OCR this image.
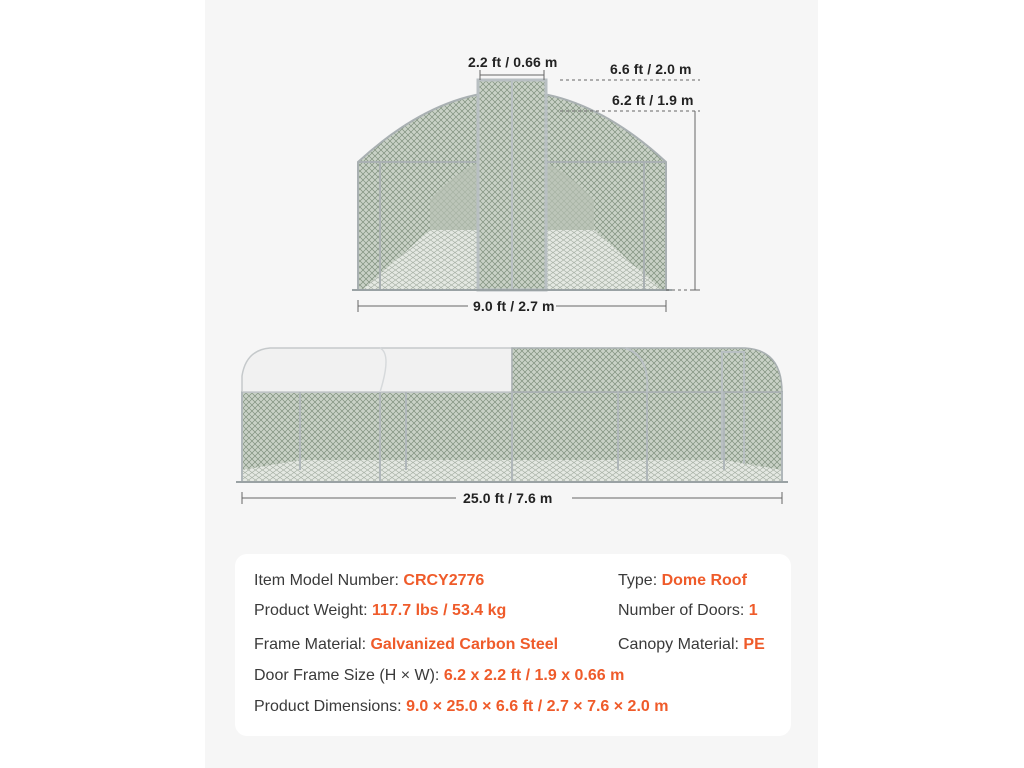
2.2 ft / 0.66 m	6.6 ft / 2.0 m
6.2 ft / 1.9 m
9.0 ft / 2.7 m
25.0 ft / 7.6 m
Item Model Number: CRCY2776	Type: Dome Roof
Product Weight: 117.7 lbs / 53.4 kg	Number of Doors: 1
Frame Material: Galvanized Carbon Steel	Canopy Material: PE
Door Frame Size (H × W): 6.2 x 2.2 ft / 1.9 x 0.66 m
Product Dimensions: 9.0 × 25.0 × 6.6 ft / 2.7 × 7.6 × 2.0 m
